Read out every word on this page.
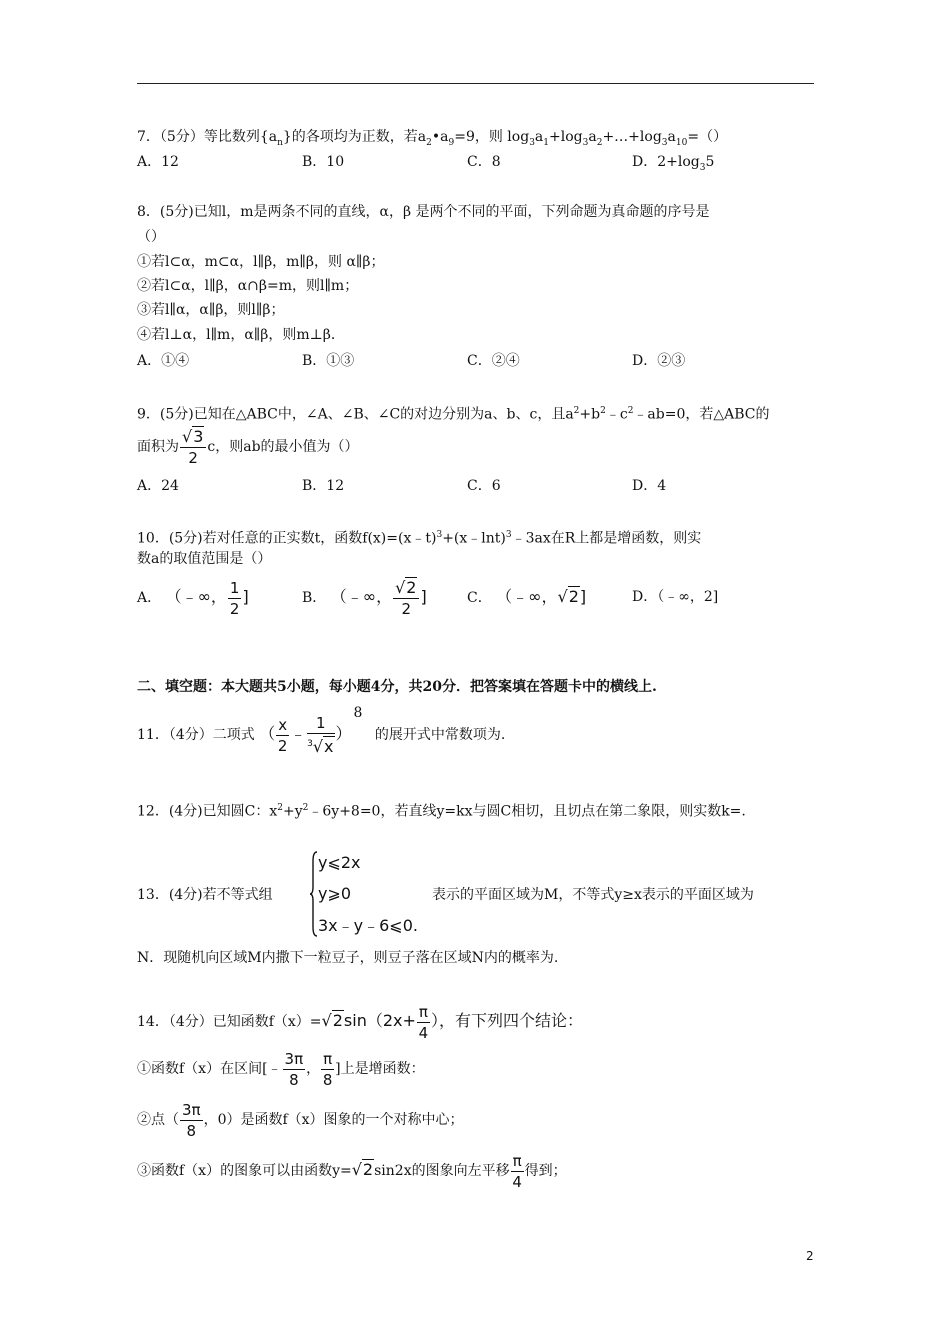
7．（5分）等比数列$\{a_n\}$的各项均为正数，若$a_2•a_9=9$，则 $\log_3a_1+\log_3a_2+\dots+\log_3a_{10}=()$
A．12	B．10	C．8	D．$2+\log_35$
8．(5分)已知l，m是两条不同的直线，α，β 是两个不同的平面，下列命题为真命题的序号是
（）
①若l⊂α，m⊂α，l∥β，m∥β，则 α∥β；
②若l⊂α，l∥β，α∩β=m，则l∥m；
③若l∥α，α∥β，则l∥β；
④若l⊥α，l∥m，α∥β，则m⊥β．
A．①④	B．①③	C．②④	D．②③
9．(5分)已知在△ABC中，∠A、∠B、∠C的对边分别为a、b、c，且$a^2+b^2﹣c^2﹣ab=0$，若△ABC的
面积为 $\frac{√3}{2}$ c，则ab的最小值为（）
A．24	B．12	C．6	D．4
10．(5分)若对任意的正实数t，函数f(x)=(x﹣t)$^3$+(x﹣lnt)$^3$﹣3ax在R上都是增函数，则实
数a的取值范围是（）
A． （﹣∞， $\frac{1}{2}$ ]	B． （﹣∞， $\frac{√2}{2}$ ]	C． （﹣∞，√2]	D．（﹣∞，2]
二、填空题：本大题共5小题，每小题4分，共20分．把答案填在答题卡中的横线上.
11．（4分）二项式 （ $\frac{x}{2}$ ﹣ $\frac{1}{^3√x} )8$ 的展开式中常数项为.
12．(4分)已知圆C：$x^2+y^2﹣6y+8=0$，若直线y=kx与圆C相切，且切点在第二象限，则实数k=.
13．(4分)若不等式组
y⩽2x
y⩾0
3x﹣y﹣6⩽0.
表示的平面区域为M，不等式y≥x表示的平面区域为
N．现随机向区域M内撒下一粒豆子，则豆子落在区域N内的概率为.
14．（4分）已知函数$f(x)=√2\sin(2x+ \frac{\pi}{4}$ ），有下列四个结论：
①函数f（x）在区间[﹣ $\frac{3\pi}{8}$ ， $\frac{\pi}{8}$ ]上是增函数：
②点（ $\frac{3\pi}{8}$ ，0）是函数f（x）图象的一个对称中心；
③函数f（x）的图象可以由函数y=√2sin2x的图象向左平移 $\frac{\pi}{4}$ 得到；
2
